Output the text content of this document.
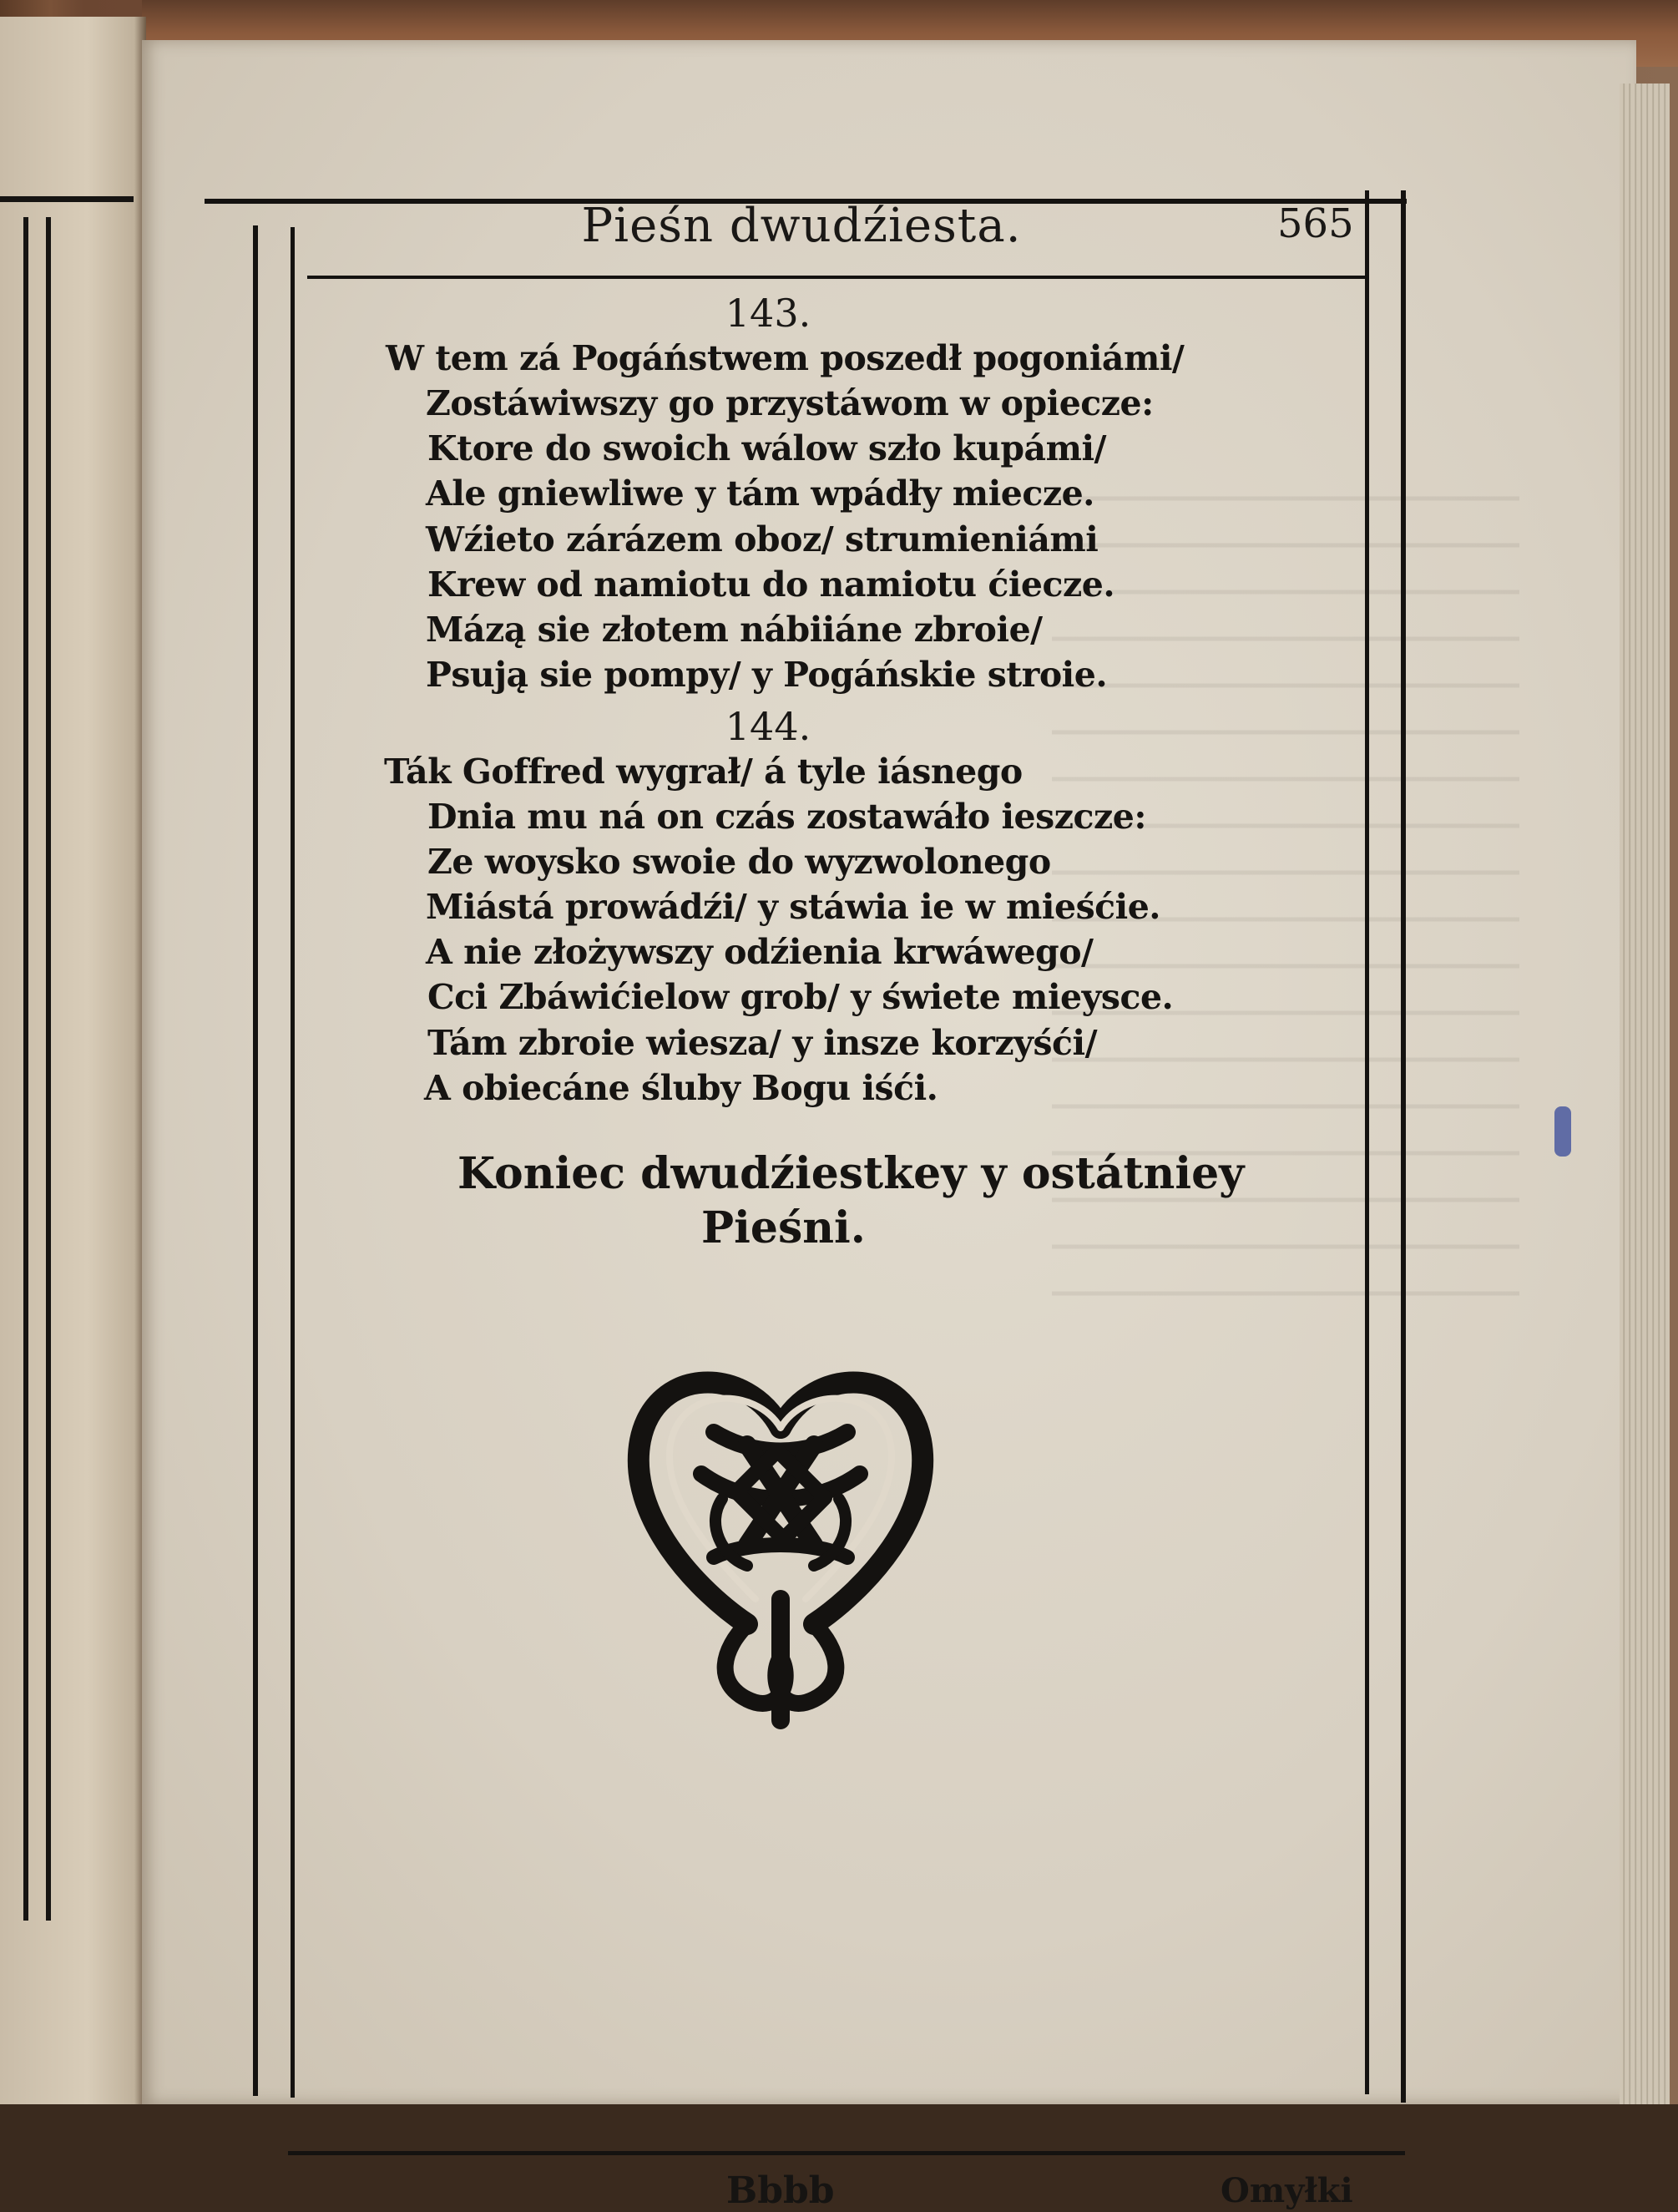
Pieśn dwudźiesta.	565
143.
W tem zá Pogáństwem poszedł pogoniámi/
Zostáwiwszy go przystáwom w opiecze:
Ktore do swoich wálow szło kupámi/
Ale gniewliwe y tám wpádły miecze.
Wźieto zárázem oboz/ strumieniámi
Krew od namiotu do namiotu ćiecze.
Mázą sie złotem nábiiáne zbroie/
Psują sie pompy/ y Pogáńskie stroie.
144.
Ták Goffred wygrał/ á tyle iásnego
Dnia mu ná on czás zostawáło ieszcze:
Ze woysko swoie do wyzwolonego
Miástá prowádźi/ y stáwia ie w mieśćie.
A nie złożywszy odźienia krwáwego/
Cci Zbáwićielow grob/ y świete mieysce.
Tám zbroie wiesza/ y insze korzyśći/
A obiecáne śluby Bogu iśći.
Koniec dwudźiestkey y ostátniey
Pieśni.
Bbbb	Omyłki
